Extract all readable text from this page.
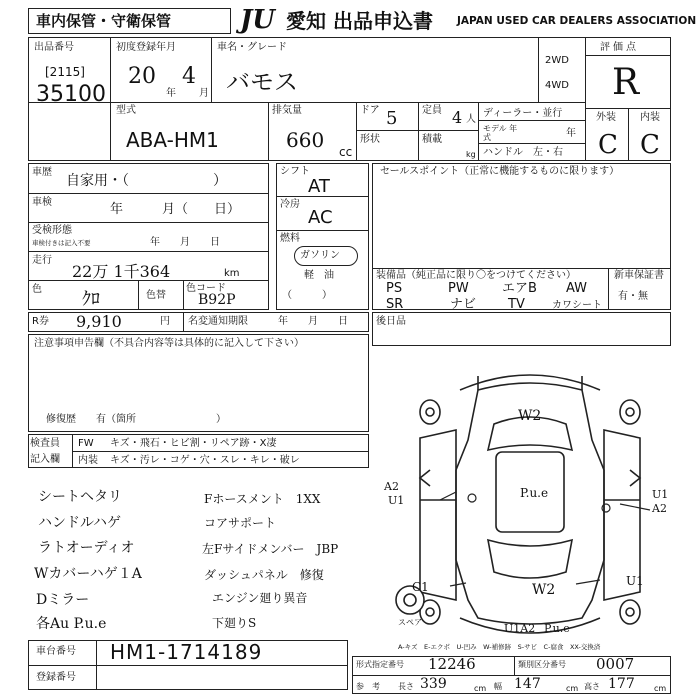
車内保管・守衛保管	JU 愛知 出品申込書 JAPAN USED CAR DEALERS ASSOCIATION
出品番号
[2115]
35100
初度登録年月
20
年
4
月
車名・グレード
バモス
2WD
4WD
評価点
R
型式
ABA-HM1
排気量
660 cc
ドア 5 定員 4 人
形状	積載
kg
ディーラー・並行
モデル 年式	年
ハンドル　左・右
外装 内装
C C
車歴
自家用・（　　　　　　）
車検	年　　　月（　　日）
受検形態
車検付きは記入不要	年　　月　　日
走行
22万 1千364	km
色 ｸﾛ	色替
色コード
B92P
シフト
AT
冷房
AC
燃料
ガソリン
軽　油
（　　　）
セールスポイント（正常に機能するものに限ります）
装備品（純正品に限り〇をつけてください）	新車保証書
有・無
PS	PW	エアB AW
SR	ナビ TV	カワシート
R券 9,910	円 名変通知期限	年　　月　　日	後日品
注意事項申告欄（不具合内容等は具体的に記入して下さい）
修復歴　　有（箇所　　　　　　　　）
検査員
記入欄
FW キズ・飛石・ヒビ割・リペア跡・X凄
内装 キズ・汚レ・コゲ・穴・スレ・キレ・破レ
シートヘタリ
ハンドルハゲ
ラトオーディオ
Wカバーハゲ１A
Dミラー
各Au P.u.e
Fホースメント　1XX
コアサポート
左Fサイドメンバー　JBP
ダッシュパネル　修復
エンジン廻り異音
下廻りS
W2
P.u.e
A2
U1	U1
A2
W2
C1	U1
U1A2 P.u.e
スペア
A-キズ　E-エクボ　U-凹み　W-補修跡　S-サビ　C-腐食　XX-交換済
車台番号 HM1-1714189
登録番号
形式指定番号 12246	類別区分番号 0007
参　考 長さ 339	cm 幅 147	cm 高さ 177 cm
